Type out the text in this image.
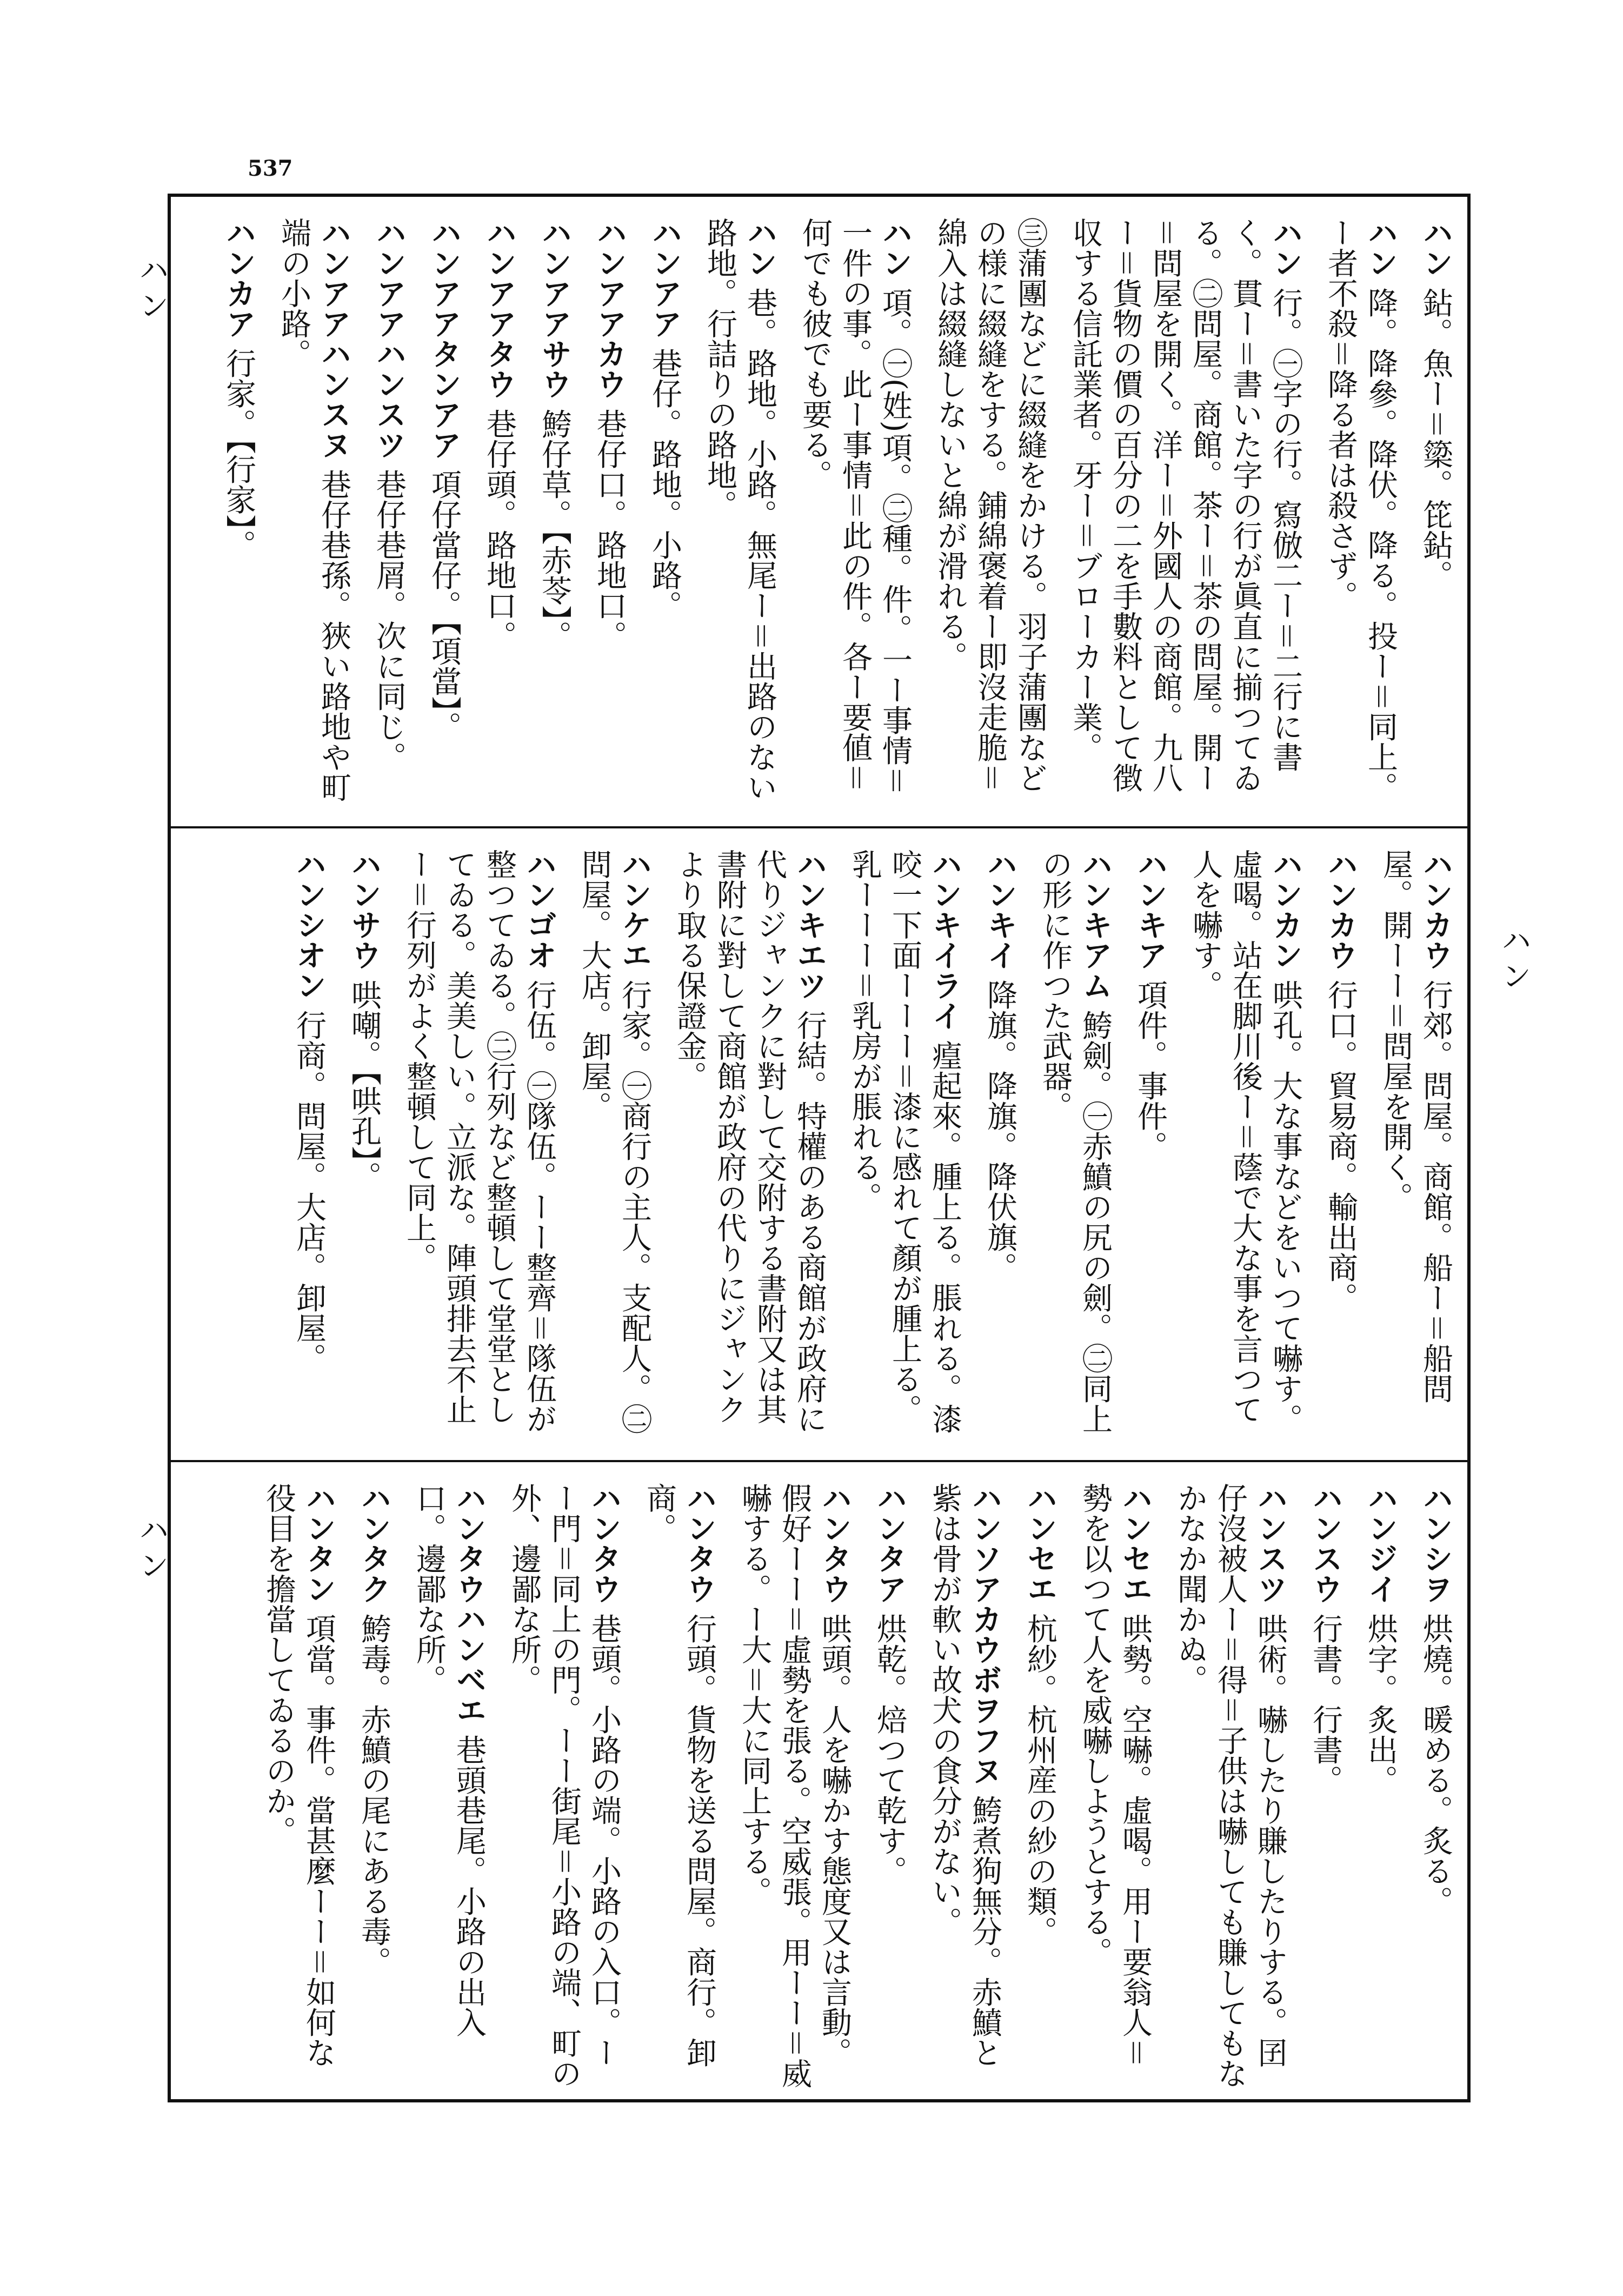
537
ハン
ハン
ハン
ハン 鉆。魚ー＝簗。笓鉆。
ハン 降。降參。降伏。降る。投ー＝同上。ー者不殺＝降る者は殺さず。
ハン 行。㊀字の行。寫倣二ー＝二行に書く。貫ー＝書いた字の行が眞直に揃つてゐる。㊁問屋。商館。茶ー＝茶の問屋。開ー＝問屋を開く。洋ー＝外國人の商館。九八ー＝貨物の價の百分の二を手數料として徴収する信託業者。牙ー＝ブローカー業。
㊂蒲團などに綴縫をかける。羽子蒲團などの様に綴縫をする。鋪綿褒着ー即沒走脆＝綿入は綴縫しないと綿が滑れる。
ハン 項。㊀(姓)項。㊁種。件。一ー事情＝一件の事。此ー事情＝此の件。各ー要値＝何でも彼でも要る。
ハン 巷。路地。小路。無尾ー＝出路のない路地。行詰りの路地。
ハンアア 巷仔。路地。小路。
ハンアアカウ 巷仔口。路地口。
ハンアアサウ 鮬仔草。【赤苓】。
ハンアアタウ 巷仔頭。路地口。
ハンアアタンアア 項仔當仔。【項當】。
ハンアアハンスツ 巷仔巷屑。次に同じ。
ハンアアハンスヌ 巷仔巷孫。狹い路地や町端の小路。
ハンカア 行家。【行家】。
ハンカウ 行郊。問屋。商館。船ー＝船問屋。開ーー＝問屋を開く。
ハンカウ 行口。貿易商。輸出商。
ハンカン 哄孔。大な事などをいつて嚇す。虛喝。站在脚川後ー＝蔭で大な事を言つて人を嚇す。
ハンキア 項件。事件。
ハンキアム 鮬劍。㊀赤鱝の尻の劍。㊁同上の形に作つた武器。
ハンキイ 降旗。降旗。降伏旗。
ハンキイライ 㾮起來。腫上る。脹れる。漆咬一下面ーーー＝漆に感れて顏が腫上る。乳ーーー＝乳房が脹れる。
ハンキエツ 行結。特權のある商館が政府に代りジャンクに對して交附する書附又は其書附に對して商館が政府の代りにジャンクより取る保證金。
ハンケエ 行家。㊀商行の主人。支配人。㊁問屋。大店。卸屋。
ハンゴオ 行伍。㊀隊伍。ーー整齊＝隊伍が整つてゐる。㊁行列など整頓して堂堂としてゐる。美美しい。立派な。陣頭排去不止ー＝行列がよく整頓して同上。
ハンサウ 哄嘲。【哄孔】。
ハンシオン 行商。問屋。大店。卸屋。
ハンシヲ 烘燒。暖める。炙る。
ハンジイ 烘字。炙出。
ハンスウ 行書。行書。
ハンスツ 哄術。嚇したり賺したりする。囝仔沒被人ー＝得＝子供は嚇しても賺してもなかなか聞かぬ。
ハンセエ 哄勢。空嚇。虛喝。用ー要翁人＝勢を以つて人を威嚇しようとする。
ハンセエ 杭紗。杭州産の紗の類。
ハンソアカウボヲフヌ 鮬煮狗無分。赤鱝と紫は骨が軟い故犬の食分がない。
ハンタア 烘乾。焙つて乾す。
ハンタウ 哄頭。人を嚇かす態度又は言動。假好ーー＝虛勢を張る。空威張。用ーー＝威嚇する。ー大＝大に同上する。
ハンタウ 行頭。貨物を送る問屋。商行。卸商。
ハンタウ 巷頭。小路の端。小路の入口。ーー門＝同上の門。ーー街尾＝小路の端、町の外、邊鄙な所。
ハンタウハンベエ 巷頭巷尾。小路の出入口。邊鄙な所。
ハンタク 鮬毒。赤鱝の尾にある毒。
ハンタン 項當。事件。當甚麼ーー＝如何な役目を擔當してゐるのか。
